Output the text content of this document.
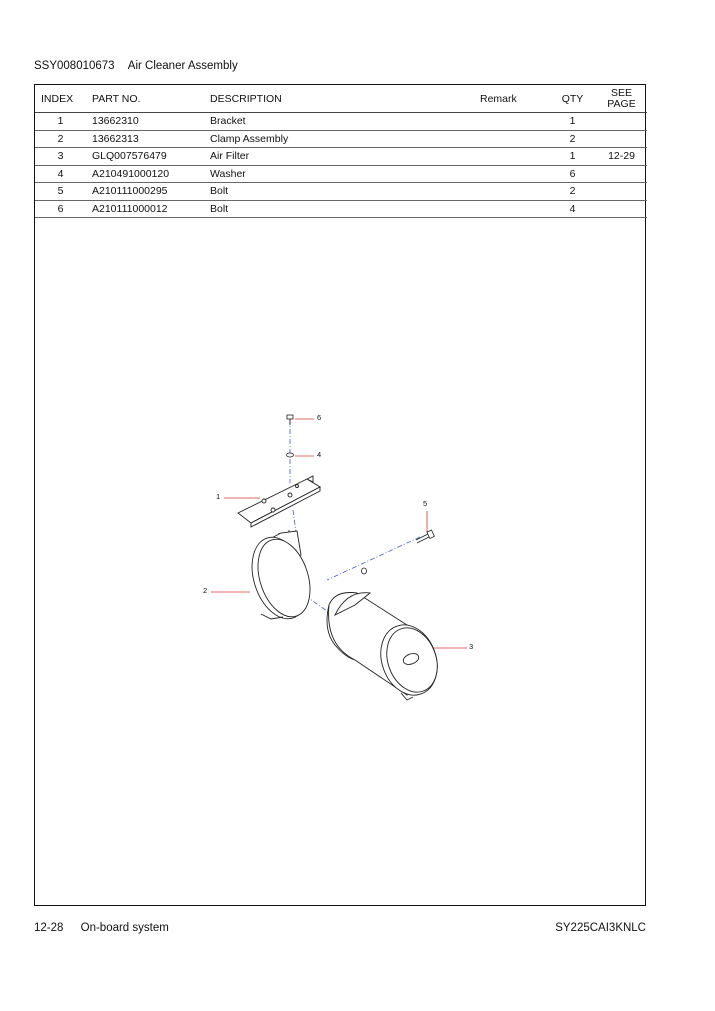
SSY008010673 Air Cleaner Assembly
INDEX	PART NO.	DESCRIPTION	Remark	QTY	SEE
PAGE

1	13662310	Bracket		1	
2	13662313	Clamp Assembly		2	
3	GLQ007576479	Air Filter		1	12-29
4	A210491000120	Washer		6	
5	A210111000295	Bolt		2	
6	A210111000012	Bolt		4	
1
2
3
4
5
6
12-28 On-board system	SY225CAI3KNLC
